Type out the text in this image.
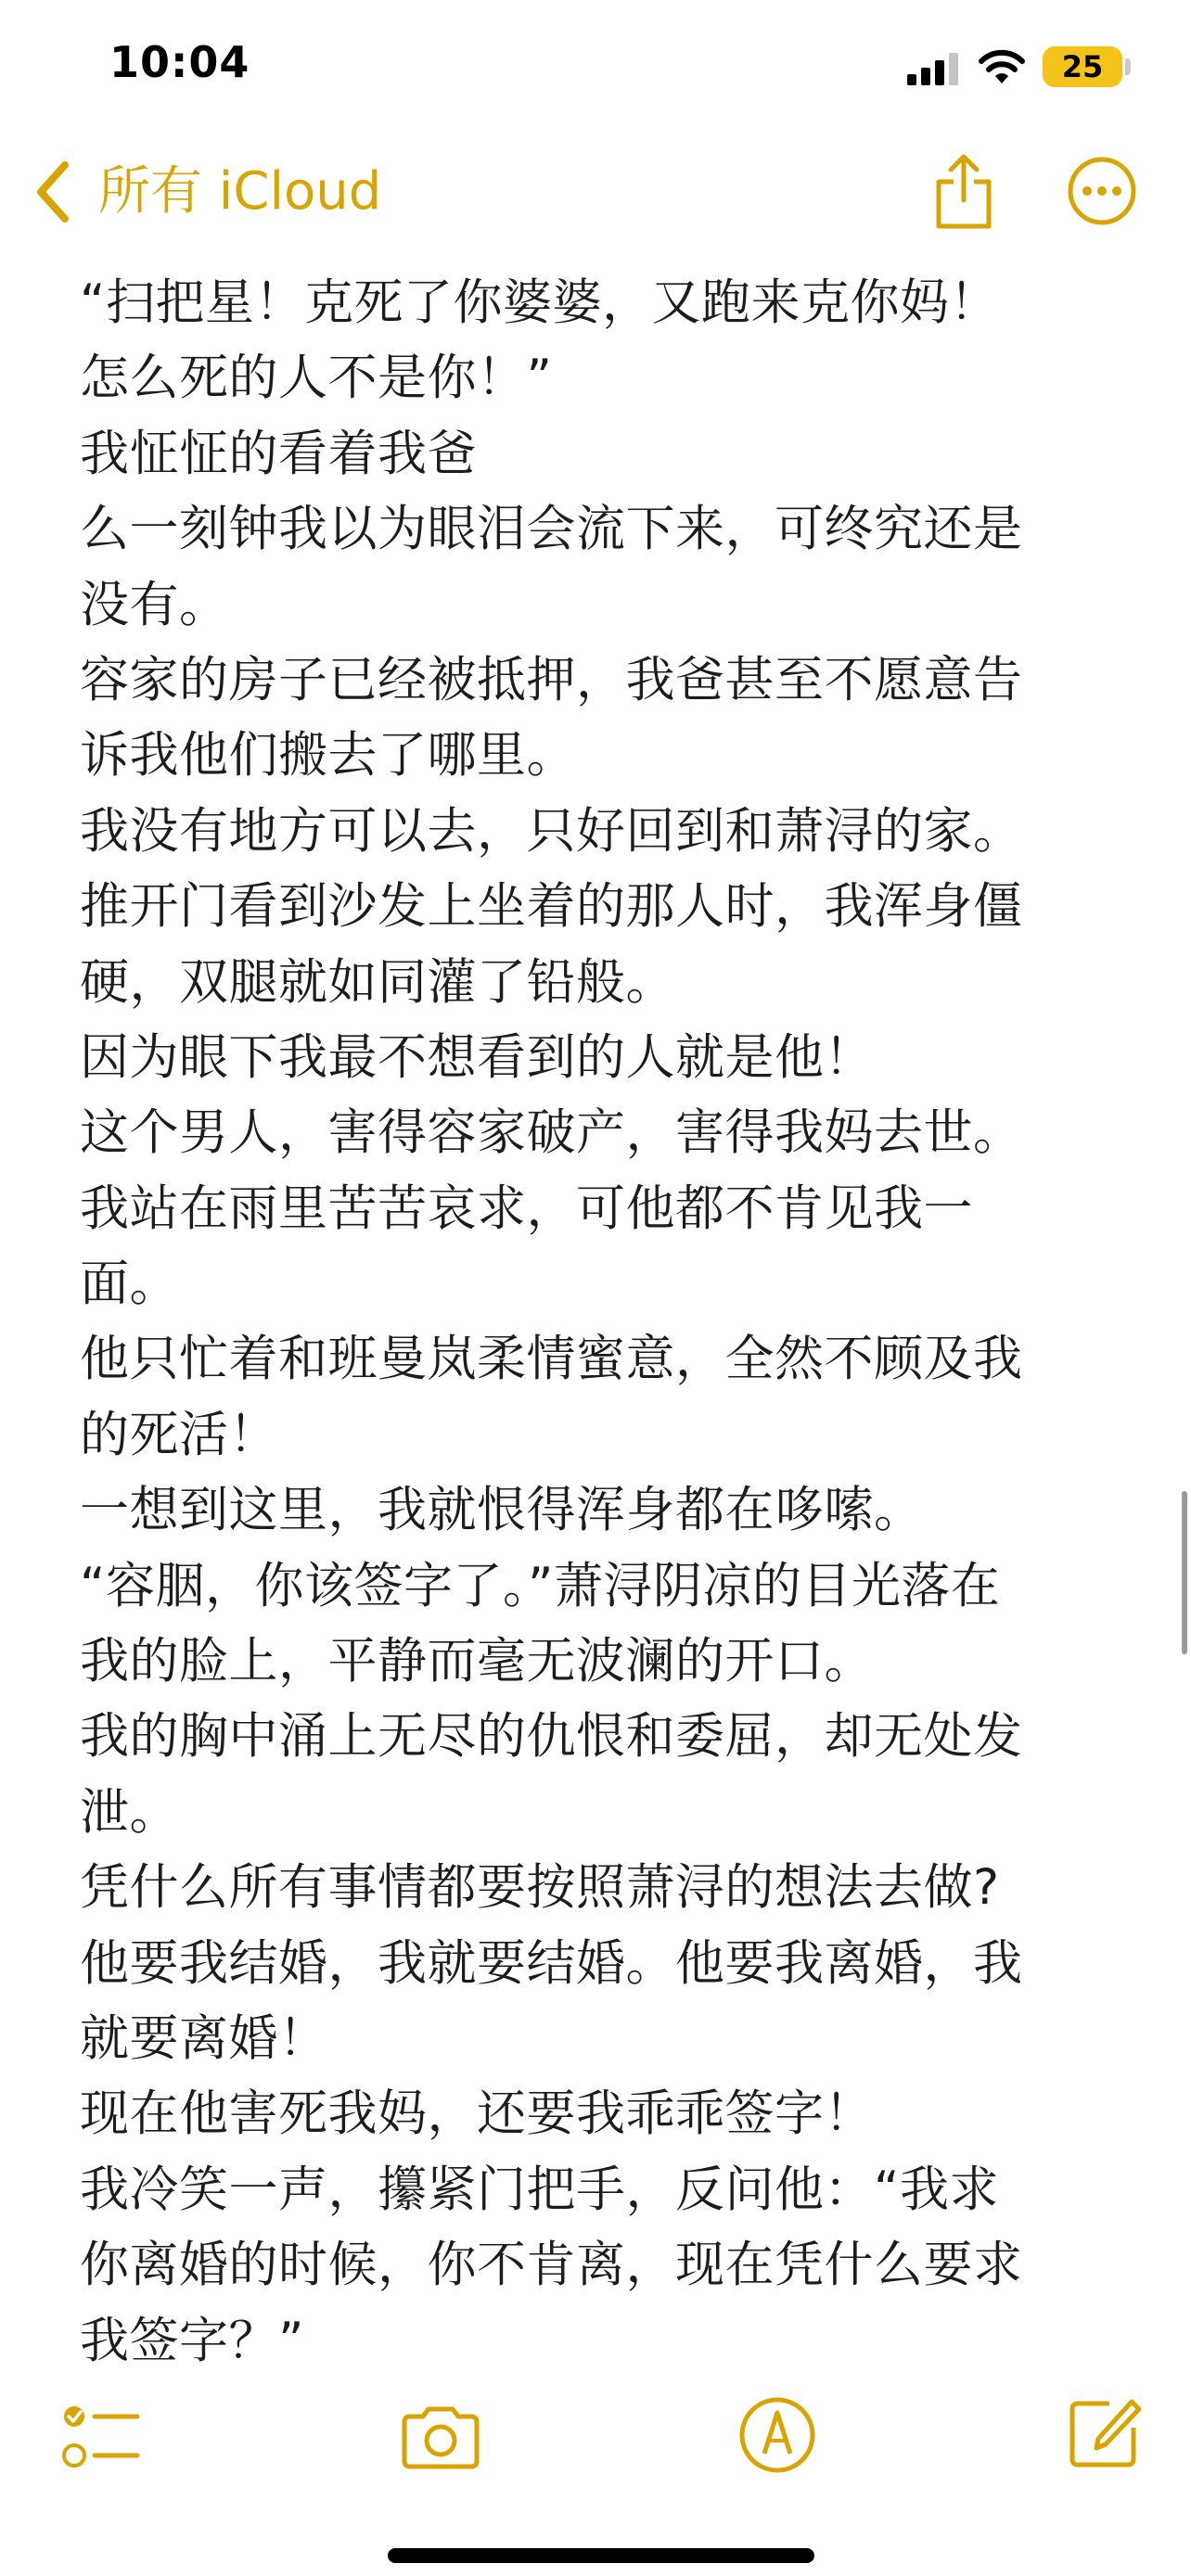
10:04	25
所有 iCloud
“扫把星！克死了你婆婆，又跑来克你妈！
怎么死的人不是你！”
我怔怔的看着我爸
么一刻钟我以为眼泪会流下来，可终究还是
没有。
容家的房子已经被抵押，我爸甚至不愿意告
诉我他们搬去了哪里。
我没有地方可以去，只好回到和萧浔的家。
推开门看到沙发上坐着的那人时，我浑身僵
硬，双腿就如同灌了铅般。
因为眼下我最不想看到的人就是他！
这个男人，害得容家破产，害得我妈去世。
我站在雨里苦苦哀求，可他都不肯见我一
面。
他只忙着和班曼岚柔情蜜意，全然不顾及我
的死活！
一想到这里，我就恨得浑身都在哆嗦。
“容胭，你该签字了。”萧浔阴凉的目光落在
我的脸上，平静而毫无波澜的开口。
我的胸中涌上无尽的仇恨和委屈，却无处发
泄。
凭什么所有事情都要按照萧浔的想法去做?
他要我结婚，我就要结婚。他要我离婚，我
就要离婚！
现在他害死我妈，还要我乖乖签字！
我冷笑一声，攥紧门把手，反问他：“我求
你离婚的时候，你不肯离，现在凭什么要求
我签字？”
